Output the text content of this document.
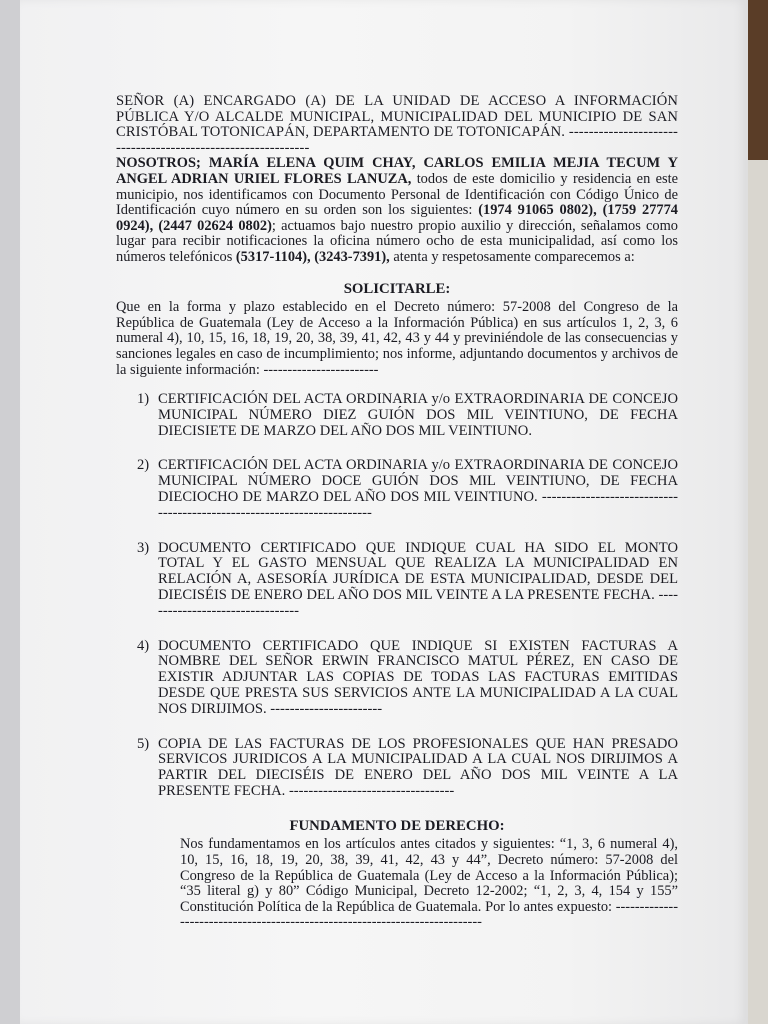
SEÑOR (A) ENCARGADO (A) DE LA UNIDAD DE ACCESO A INFORMACIÓN PÚBLICA Y/O ALCALDE MUNICIPAL, MUNICIPALIDAD DEL MUNICIPIO DE SAN CRISTÓBAL TOTONICAPÁN, DEPARTAMENTO DE TOTONICAPÁN. -------------------------------------------------------------

NOSOTROS; MARÍA ELENA QUIM CHAY, CARLOS EMILIA MEJIA TECUM Y ANGEL ADRIAN URIEL FLORES LANUZA, todos de este domicilio y residencia en este municipio, nos identificamos con Documento Personal de Identificación con Código Único de Identificación cuyo número en su orden son los siguientes: (1974 91065 0802), (1759 27774 0924), (2447 02624 0802); actuamos bajo nuestro propio auxilio y dirección, señalamos como lugar para recibir notificaciones la oficina número ocho de esta municipalidad, así como los números telefónicos (5317-1104), (3243-7391), atenta y respetosamente comparecemos a:

SOLICITARLE:

Que en la forma y plazo establecido en el Decreto número: 57-2008 del Congreso de la República de Guatemala (Ley de Acceso a la Información Pública) en sus artículos 1, 2, 3, 6 numeral 4), 10, 15, 16, 18, 19, 20, 38, 39, 41, 42, 43 y 44 y previniéndole de las consecuencias y sanciones legales en caso de incumplimiento; nos informe, adjuntando documentos y archivos de la siguiente información: ------------------------

1) CERTIFICACIÓN DEL ACTA ORDINARIA y/o EXTRAORDINARIA DE CONCEJO MUNICIPAL NÚMERO DIEZ GUIÓN DOS MIL VEINTIUNO, DE FECHA DIECISIETE DE MARZO DEL AÑO DOS MIL VEINTIUNO.
2) CERTIFICACIÓN DEL ACTA ORDINARIA y/o EXTRAORDINARIA DE CONCEJO MUNICIPAL NÚMERO DOCE GUIÓN DOS MIL VEINTIUNO, DE FECHA DIECIOCHO DE MARZO DEL AÑO DOS MIL VEINTIUNO. ------------------------------------------------------------------------
3) DOCUMENTO CERTIFICADO QUE INDIQUE CUAL HA SIDO EL MONTO TOTAL Y EL GASTO MENSUAL QUE REALIZA LA MUNICIPALIDAD EN RELACIÓN A, ASESORÍA JURÍDICA DE ESTA MUNICIPALIDAD, DESDE DEL DIECISÉIS DE ENERO DEL AÑO DOS MIL VEINTE A LA PRESENTE FECHA. ---------------------------------
4) DOCUMENTO CERTIFICADO QUE INDIQUE SI EXISTEN FACTURAS A NOMBRE DEL SEÑOR ERWIN FRANCISCO MATUL PÉREZ, EN CASO DE EXISTIR ADJUNTAR LAS COPIAS DE TODAS LAS FACTURAS EMITIDAS DESDE QUE PRESTA SUS SERVICIOS ANTE LA MUNICIPALIDAD A LA CUAL NOS DIRIJIMOS. -----------------------
5) COPIA DE LAS FACTURAS DE LOS PROFESIONALES QUE HAN PRESADO SERVICOS JURIDICOS A LA MUNICIPALIDAD A LA CUAL NOS DIRIJIMOS A PARTIR DEL DIECISÉIS DE ENERO DEL AÑO DOS MIL VEINTE A LA PRESENTE FECHA. ----------------------------------
FUNDAMENTO DE DERECHO:

Nos fundamentamos en los artículos antes citados y siguientes: “1, 3, 6 numeral 4), 10, 15, 16, 18, 19, 20, 38, 39, 41, 42, 43 y 44”, Decreto número: 57-2008 del Congreso de la República de Guatemala (Ley de Acceso a la Información Pública); “35 literal g) y 80” Código Municipal, Decreto 12-2002; “1, 2, 3, 4, 154 y 155” Constitución Política de la República de Guatemala. Por lo antes expuesto: ----------------------------------------------------------------------------
